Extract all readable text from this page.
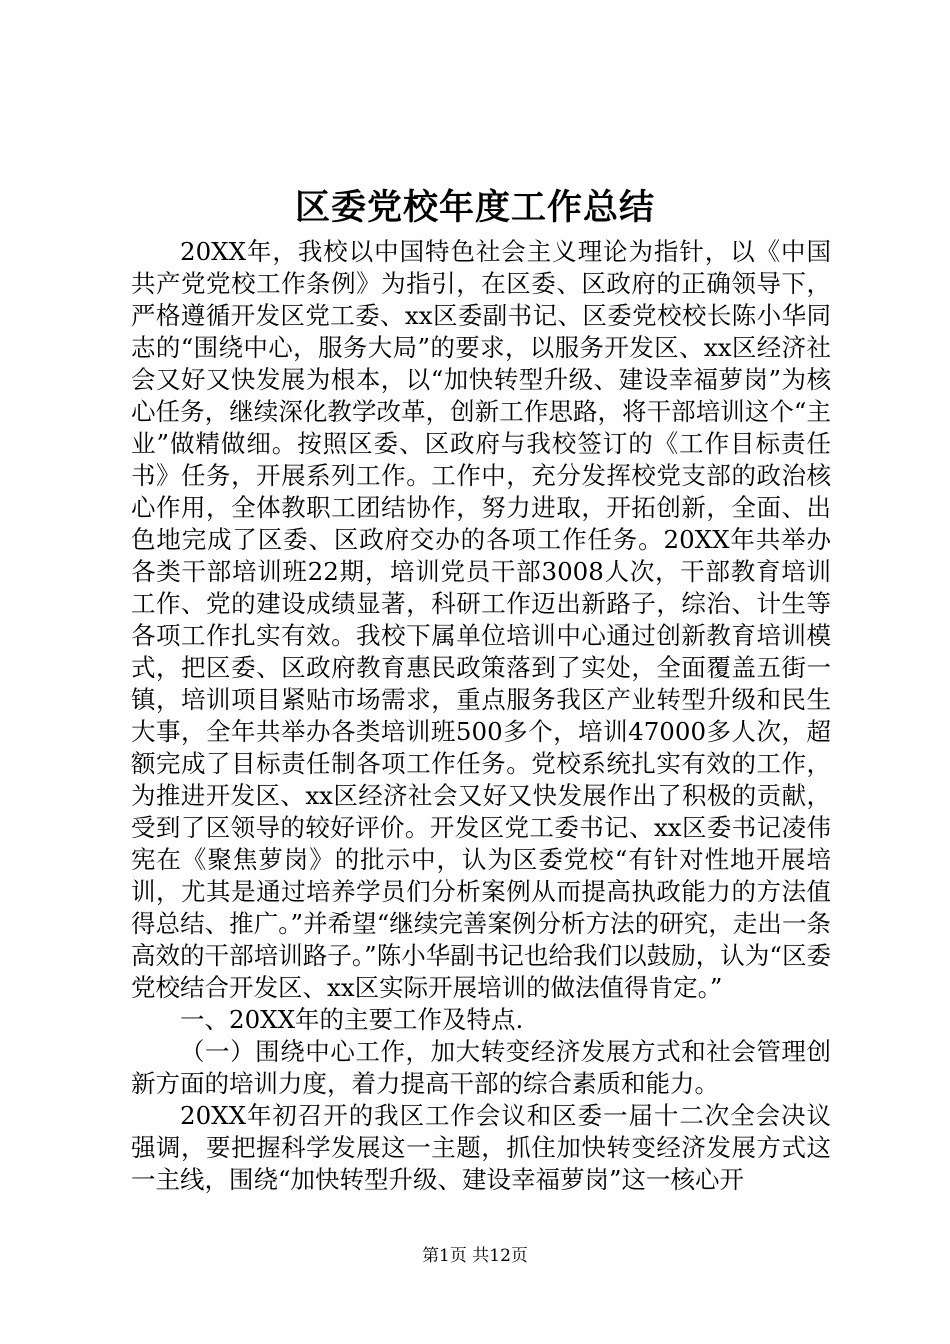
区委党校年度工作总结

20XX年，我校以中国特色社会主义理论为指针，以《中国共产党党校工作条例》为指引，在区委、区政府的正确领导下，严格遵循开发区党工委、xx区委副书记、区委党校校长陈小华同志的“围绕中心，服务大局”的要求，以服务开发区、xx区经济社会又好又快发展为根本，以“加快转型升级、建设幸福萝岗”为核心任务，继续深化教学改革，创新工作思路，将干部培训这个“主业”做精做细。按照区委、区政府与我校签订的《工作目标责任书》任务，开展系列工作。工作中，充分发挥校党支部的政治核心作用，全体教职工团结协作，努力进取，开拓创新，全面、出色地完成了区委、区政府交办的各项工作任务。20XX年共举办各类干部培训班22期，培训党员干部3008人次，干部教育培训工作、党的建设成绩显著，科研工作迈出新路子，综治、计生等各项工作扎实有效。我校下属单位培训中心通过创新教育培训模式，把区委、区政府教育惠民政策落到了实处，全面覆盖五街一镇，培训项目紧贴市场需求，重点服务我区产业转型升级和民生大事，全年共举办各类培训班500多个，培训47000多人次，超额完成了目标责任制各项工作任务。党校系统扎实有效的工作，为推进开发区、xx区经济社会又好又快发展作出了积极的贡献，受到了区领导的较好评价。开发区党工委书记、xx区委书记凌伟宪在《聚焦萝岗》的批示中，认为区委党校“有针对性地开展培训，尤其是通过培养学员们分析案例从而提高执政能力的方法值得总结、推广。”并希望“继续完善案例分析方法的研究，走出一条高效的干部培训路子。”陈小华副书记也给我们以鼓励，认为“区委党校结合开发区、xx区实际开展培训的做法值得肯定。”

一、20XX年的主要工作及特点.

（一）围绕中心工作，加大转变经济发展方式和社会管理创新方面的培训力度，着力提高干部的综合素质和能力。

20XX年初召开的我区工作会议和区委一届十二次全会决议强调，要把握科学发展这一主题，抓住加快转变经济发展方式这一主线，围绕“加快转型升级、建设幸福萝岗”这一核心开

第1页 共12页
